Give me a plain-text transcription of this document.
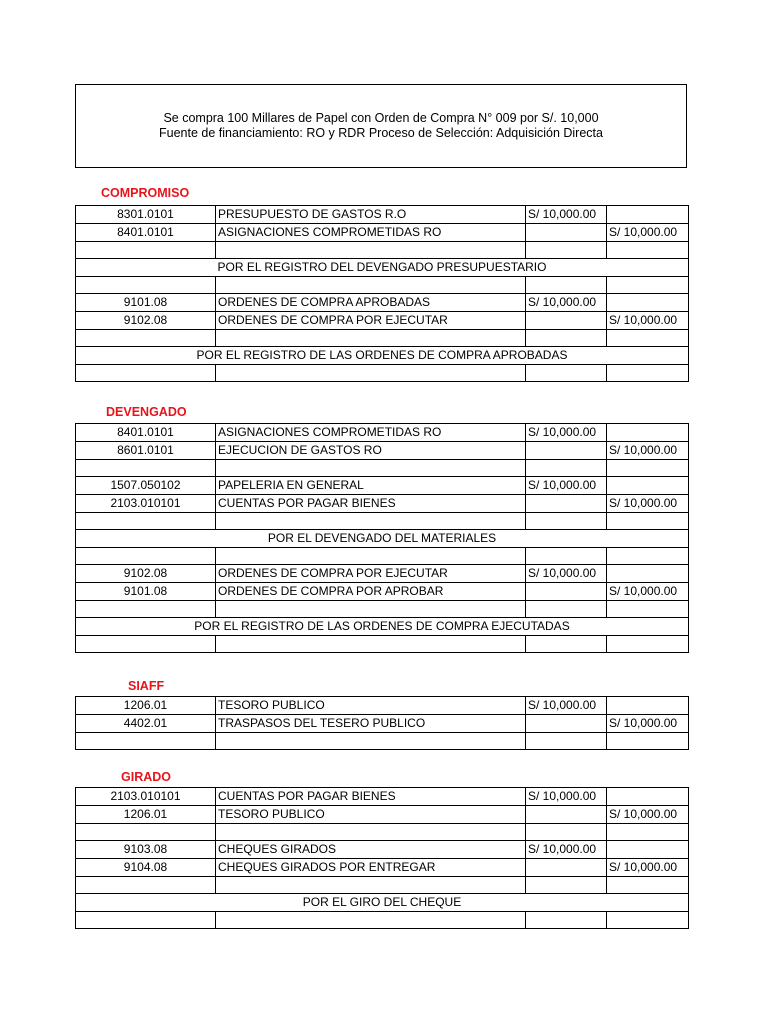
Se compra 100 Millares de Papel con Orden de Compra N° 009 por S/. 10,000
Fuente de financiamiento: RO y RDR Proceso de Selección: Adquisición Directa
COMPROMISO
8301.0101	PRESUPUESTO DE GASTOS R.O	S/ 10,000.00	
8401.0101	ASIGNACIONES COMPROMETIDAS RO		S/ 10,000.00

POR EL REGISTRO DEL DEVENGADO PRESUPUESTARIO			

9101.08	ORDENES DE COMPRA APROBADAS	S/ 10,000.00	
9102.08	ORDENES DE COMPRA POR EJECUTAR		S/ 10,000.00

POR EL REGISTRO DE LAS ORDENES DE COMPRA APROBADAS			

DEVENGADO
8401.0101	ASIGNACIONES COMPROMETIDAS RO	S/ 10,000.00	
8601.0101	EJECUCION DE GASTOS RO		S/ 10,000.00

1507.050102	PAPELERIA EN GENERAL	S/ 10,000.00	
2103.010101	CUENTAS POR PAGAR BIENES		S/ 10,000.00

POR EL DEVENGADO DEL MATERIALES			

9102.08	ORDENES DE COMPRA POR EJECUTAR	S/ 10,000.00	
9101.08	ORDENES DE COMPRA POR APROBAR		S/ 10,000.00

POR EL REGISTRO DE LAS ORDENES DE COMPRA EJECUTADAS			

SIAFF
1206.01	TESORO PUBLICO	S/ 10,000.00	
4402.01	TRASPASOS DEL TESERO PUBLICO		S/ 10,000.00

GIRADO
2103.010101	CUENTAS POR PAGAR BIENES	S/ 10,000.00	
1206.01	TESORO PUBLICO		S/ 10,000.00

9103.08	CHEQUES GIRADOS	S/ 10,000.00	
9104.08	CHEQUES GIRADOS POR ENTREGAR		S/ 10,000.00

POR EL GIRO DEL CHEQUE			
